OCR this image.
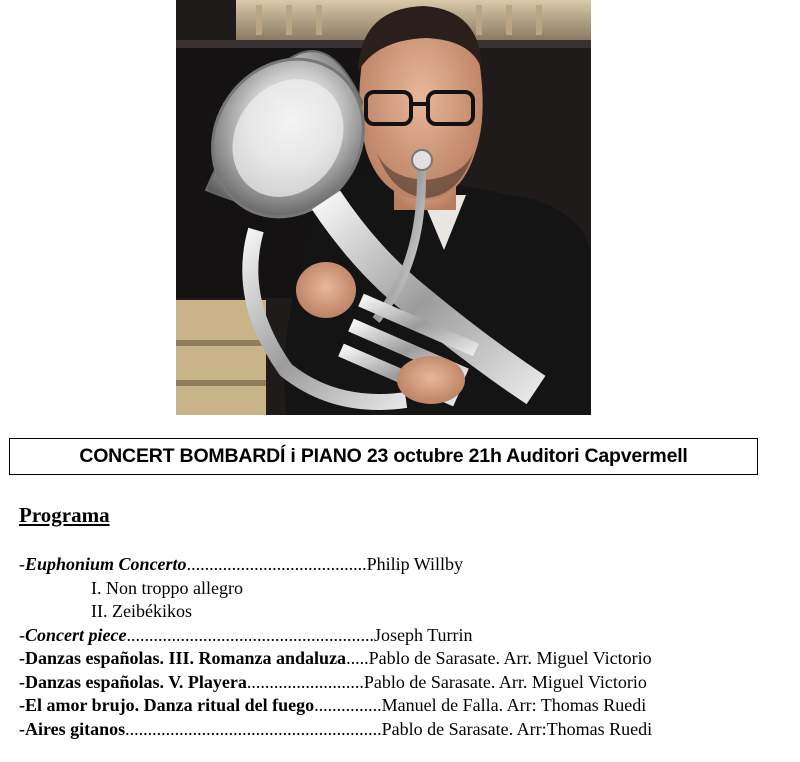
CONCERT BOMBARDÍ i PIANO 23 octubre 21h Auditori Capvermell
Programa
-Euphonium Concerto........................................Philip Willby
I. Non troppo allegro
II. Zeibékikos
-Concert piece.......................................................Joseph Turrin
-Danzas españolas. III. Romanza andaluza.....Pablo de Sarasate. Arr. Miguel Victorio
-Danzas españolas. V. Playera..........................Pablo de Sarasate. Arr. Miguel Victorio
-El amor brujo. Danza ritual del fuego...............Manuel de Falla. Arr: Thomas Ruedi
-Aires gitanos.........................................................Pablo de Sarasate. Arr:Thomas Ruedi
